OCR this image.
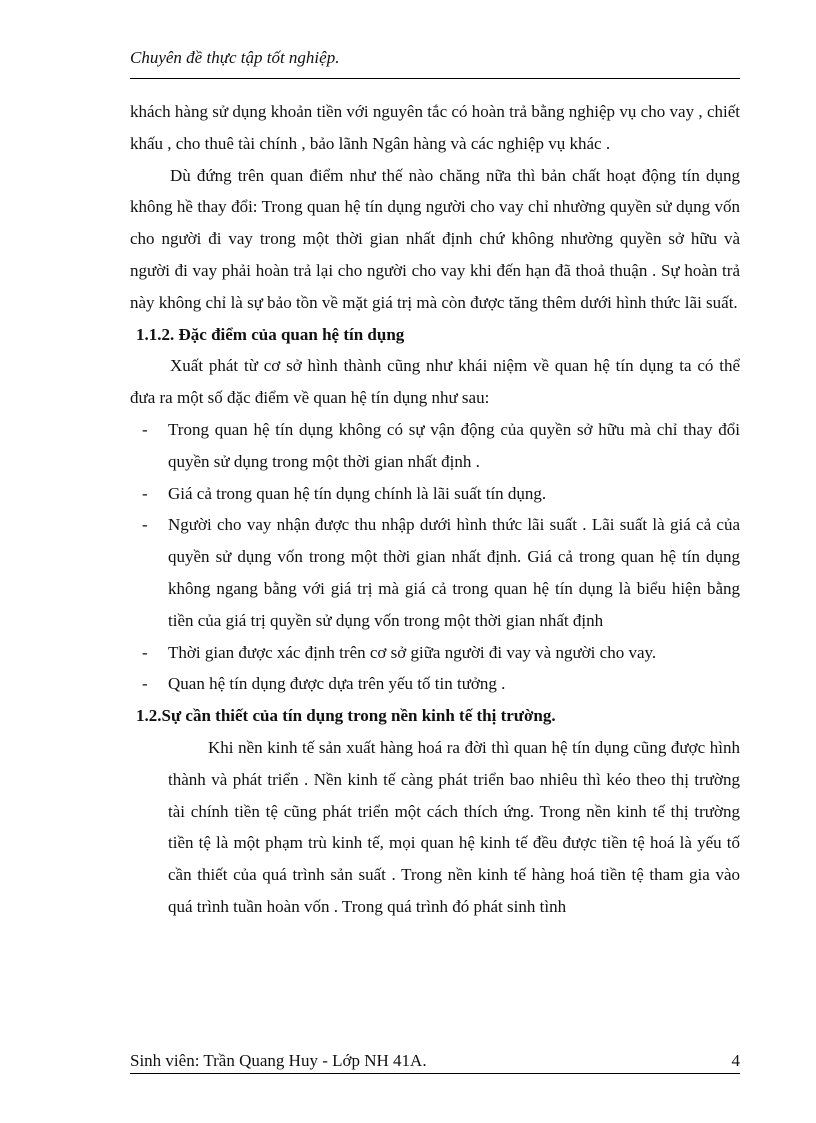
Chuyên đề thực tập tốt nghiệp.

khách hàng sử dụng khoản tiền với nguyên tắc có hoàn trả bằng nghiệp vụ cho vay , chiết khấu , cho thuê tài chính , bảo lãnh Ngân hàng và các nghiệp vụ khác .

Dù đứng trên quan điểm như thế nào chăng nữa thì bản chất hoạt động tín dụng không hề thay đổi: Trong quan hệ tín dụng người cho vay chỉ nhường quyền sử dụng vốn cho người đi vay trong một thời gian nhất định chứ không nhường quyền sở hữu và người đi vay phải hoàn trả lại cho người cho vay khi đến hạn đã thoả thuận . Sự hoàn trả này không chỉ là sự bảo tồn về mặt giá trị mà còn được tăng thêm dưới hình thức lãi suất.

1.1.2. Đặc điểm của quan hệ tín dụng

Xuất phát từ cơ sở hình thành cũng như khái niệm về quan hệ tín dụng ta có thể đưa ra một số đặc điểm về quan hệ tín dụng như sau:

- Trong quan hệ tín dụng không có sự vận động của quyền sở hữu mà chỉ thay đổi quyền sử dụng trong một thời gian nhất định .
- Giá cả trong quan hệ tín dụng chính là lãi suất tín dụng.
- Người cho vay nhận được thu nhập dưới hình thức lãi suất . Lãi suất là giá cả của quyền sử dụng vốn trong một thời gian nhất định. Giá cả trong quan hệ tín dụng không ngang bằng với giá trị mà giá cả trong quan hệ tín dụng là biểu hiện bằng tiền của giá trị quyền sử dụng vốn trong một thời gian nhất định
- Thời gian được xác định trên cơ sở giữa người đi vay và người cho vay.
- Quan hệ tín dụng được dựa trên yếu tố tin tưởng .

1.2.Sự cần thiết của tín dụng trong nền kinh tế thị trường.

Khi nền kinh tế sản xuất hàng hoá ra đời thì quan hệ tín dụng cũng được hình thành và phát triển . Nền kinh tế càng phát triển bao nhiêu thì kéo theo thị trường tài chính tiền tệ cũng phát triển một cách thích ứng. Trong nền kinh tế thị trường tiền tệ là một phạm trù kinh tế, mọi quan hệ kinh tế đều được tiền tệ hoá là yếu tố cần thiết của quá trình sản suất . Trong nền kinh tế hàng hoá tiền tệ tham gia vào quá trình tuần hoàn vốn . Trong quá trình đó phát sinh tình

Sinh viên: Trần Quang Huy - Lớp NH 41A.	4
